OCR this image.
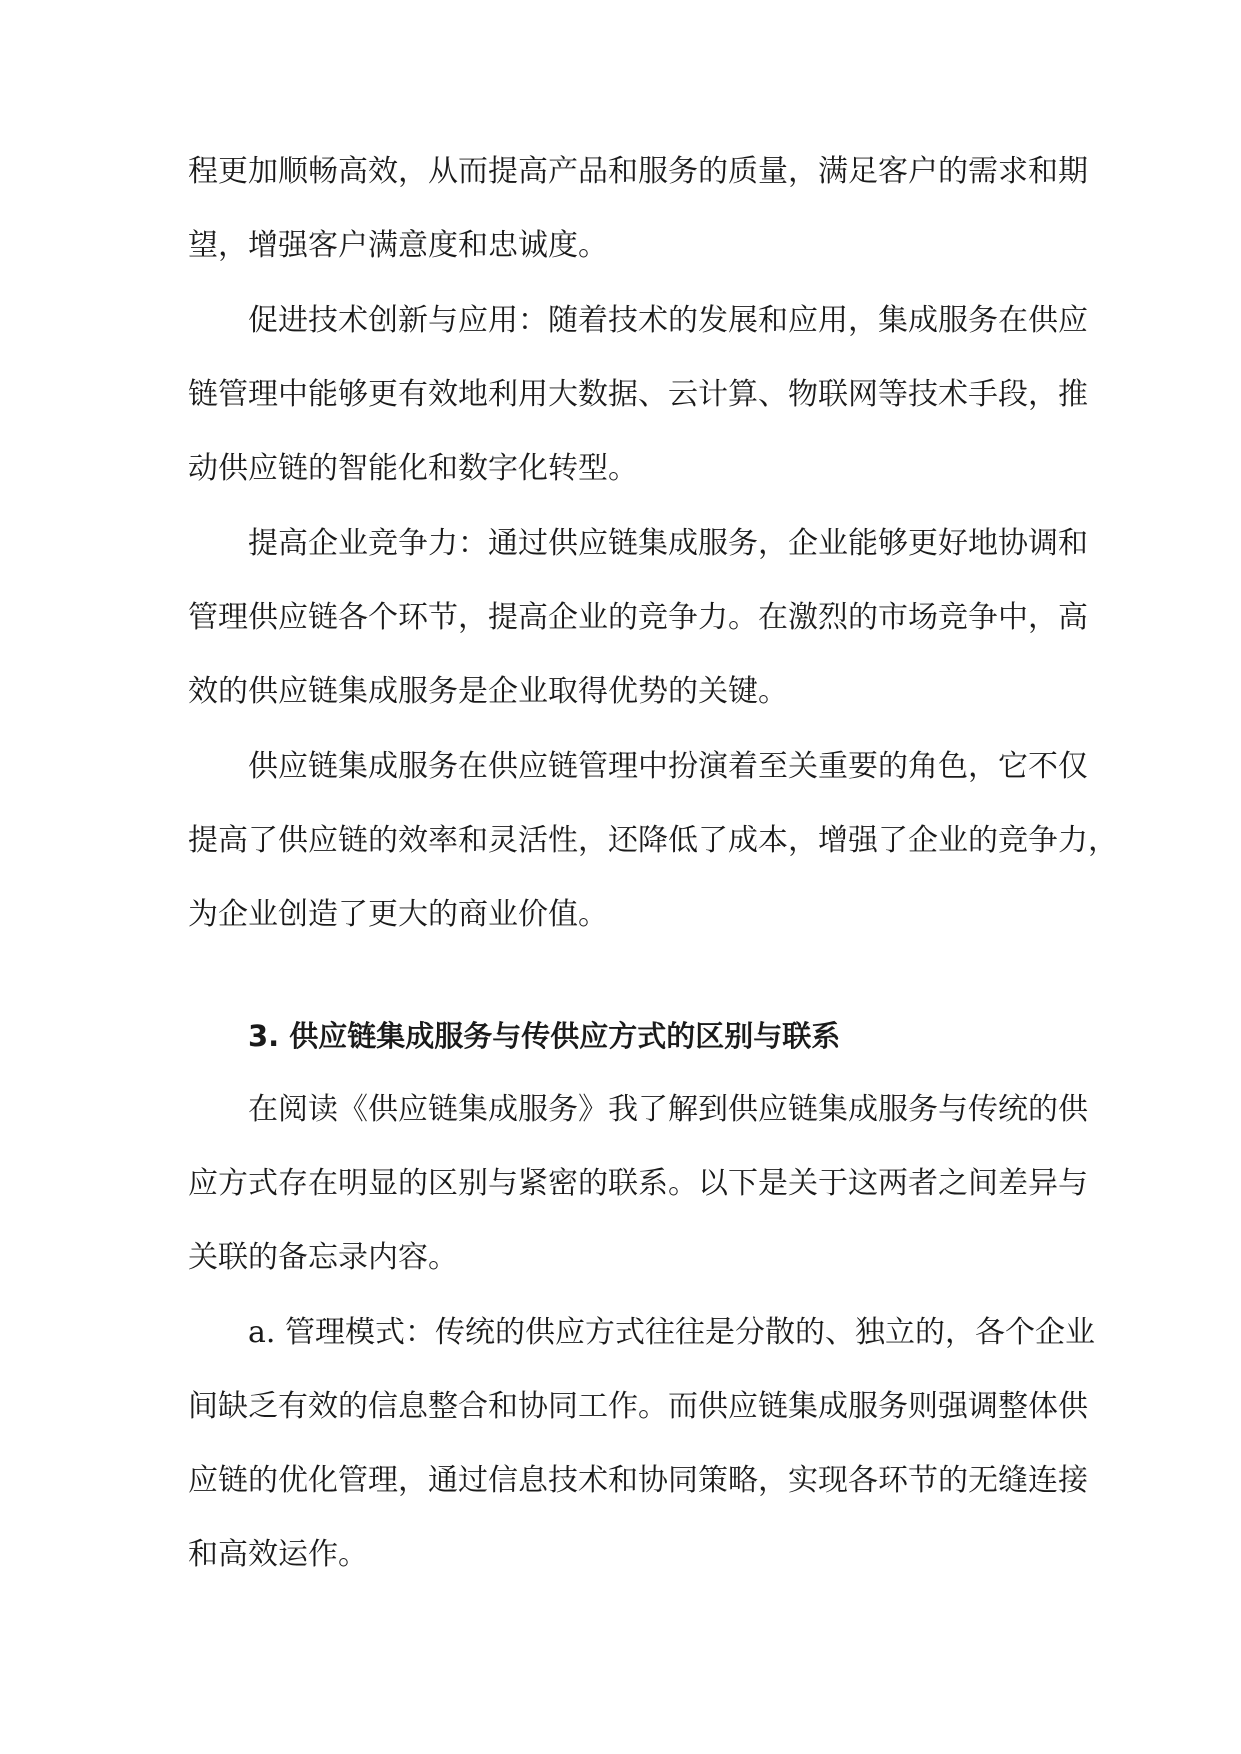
程更加顺畅高效，从而提高产品和服务的质量，满足客户的需求和期
望，增强客户满意度和忠诚度。
促进技术创新与应用：随着技术的发展和应用，集成服务在供应
链管理中能够更有效地利用大数据、云计算、物联网等技术手段，推
动供应链的智能化和数字化转型。
提高企业竞争力：通过供应链集成服务，企业能够更好地协调和
管理供应链各个环节，提高企业的竞争力。在激烈的市场竞争中，高
效的供应链集成服务是企业取得优势的关键。
供应链集成服务在供应链管理中扮演着至关重要的角色，它不仅
提高了供应链的效率和灵活性，还降低了成本，增强了企业的竞争力，
为企业创造了更大的商业价值。
3. 供应链集成服务与传供应方式的区别与联系
在阅读《供应链集成服务》我了解到供应链集成服务与传统的供
应方式存在明显的区别与紧密的联系。以下是关于这两者之间差异与
关联的备忘录内容。
a. 管理模式：传统的供应方式往往是分散的、独立的，各个企业
间缺乏有效的信息整合和协同工作。而供应链集成服务则强调整体供
应链的优化管理，通过信息技术和协同策略，实现各环节的无缝连接
和高效运作。
